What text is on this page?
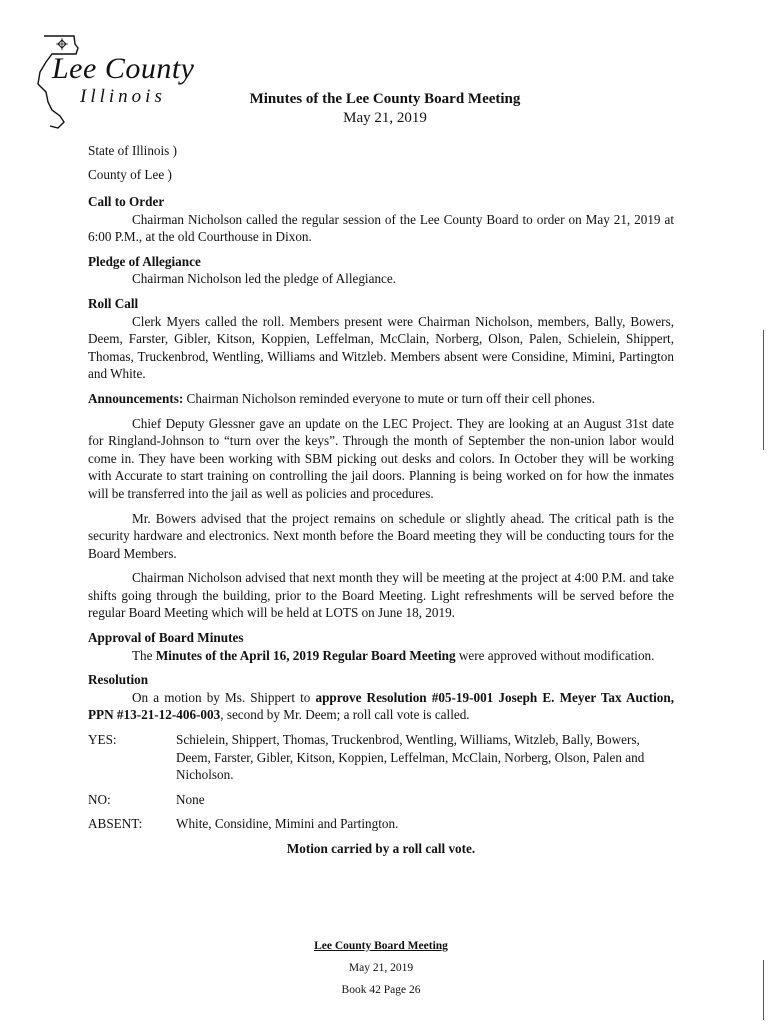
Lee County
Illinois	Minutes of the Lee County Board Meeting
May 21, 2019
State of Illinois )
County of Lee )
Call to Order
Chairman Nicholson called the regular session of the Lee County Board to order on May 21, 2019 at 6:00 P.M., at the old Courthouse in Dixon.
Pledge of Allegiance
Chairman Nicholson led the pledge of Allegiance.
Roll Call
Clerk Myers called the roll. Members present were Chairman Nicholson, members, Bally, Bowers, Deem, Farster, Gibler, Kitson, Koppien, Leffelman, McClain, Norberg, Olson, Palen, Schielein, Shippert, Thomas, Truckenbrod, Wentling, Williams and Witzleb. Members absent were Considine, Mimini, Partington and White.
Announcements: Chairman Nicholson reminded everyone to mute or turn off their cell phones.
Chief Deputy Glessner gave an update on the LEC Project. They are looking at an August 31st date for Ringland-Johnson to “turn over the keys”. Through the month of September the non-union labor would come in. They have been working with SBM picking out desks and colors. In October they will be working with Accurate to start training on controlling the jail doors. Planning is being worked on for how the inmates will be transferred into the jail as well as policies and procedures.
Mr. Bowers advised that the project remains on schedule or slightly ahead. The critical path is the security hardware and electronics. Next month before the Board meeting they will be conducting tours for the Board Members.
Chairman Nicholson advised that next month they will be meeting at the project at 4:00 P.M. and take shifts going through the building, prior to the Board Meeting. Light refreshments will be served before the regular Board Meeting which will be held at LOTS on June 18, 2019.
Approval of Board Minutes
The Minutes of the April 16, 2019 Regular Board Meeting were approved without modification.
Resolution
On a motion by Ms. Shippert to approve Resolution #05-19-001 Joseph E. Meyer Tax Auction, PPN #13-21-12-406-003, second by Mr. Deem; a roll call vote is called.
YES:	Schielein, Shippert, Thomas, Truckenbrod, Wentling, Williams, Witzleb, Bally, Bowers, Deem, Farster, Gibler, Kitson, Koppien, Leffelman, McClain, Norberg, Olson, Palen and Nicholson.
NO:	None
ABSENT:	White, Considine, Mimini and Partington.
Motion carried by a roll call vote.
Lee County Board Meeting
May 21, 2019
Book 42 Page 26
